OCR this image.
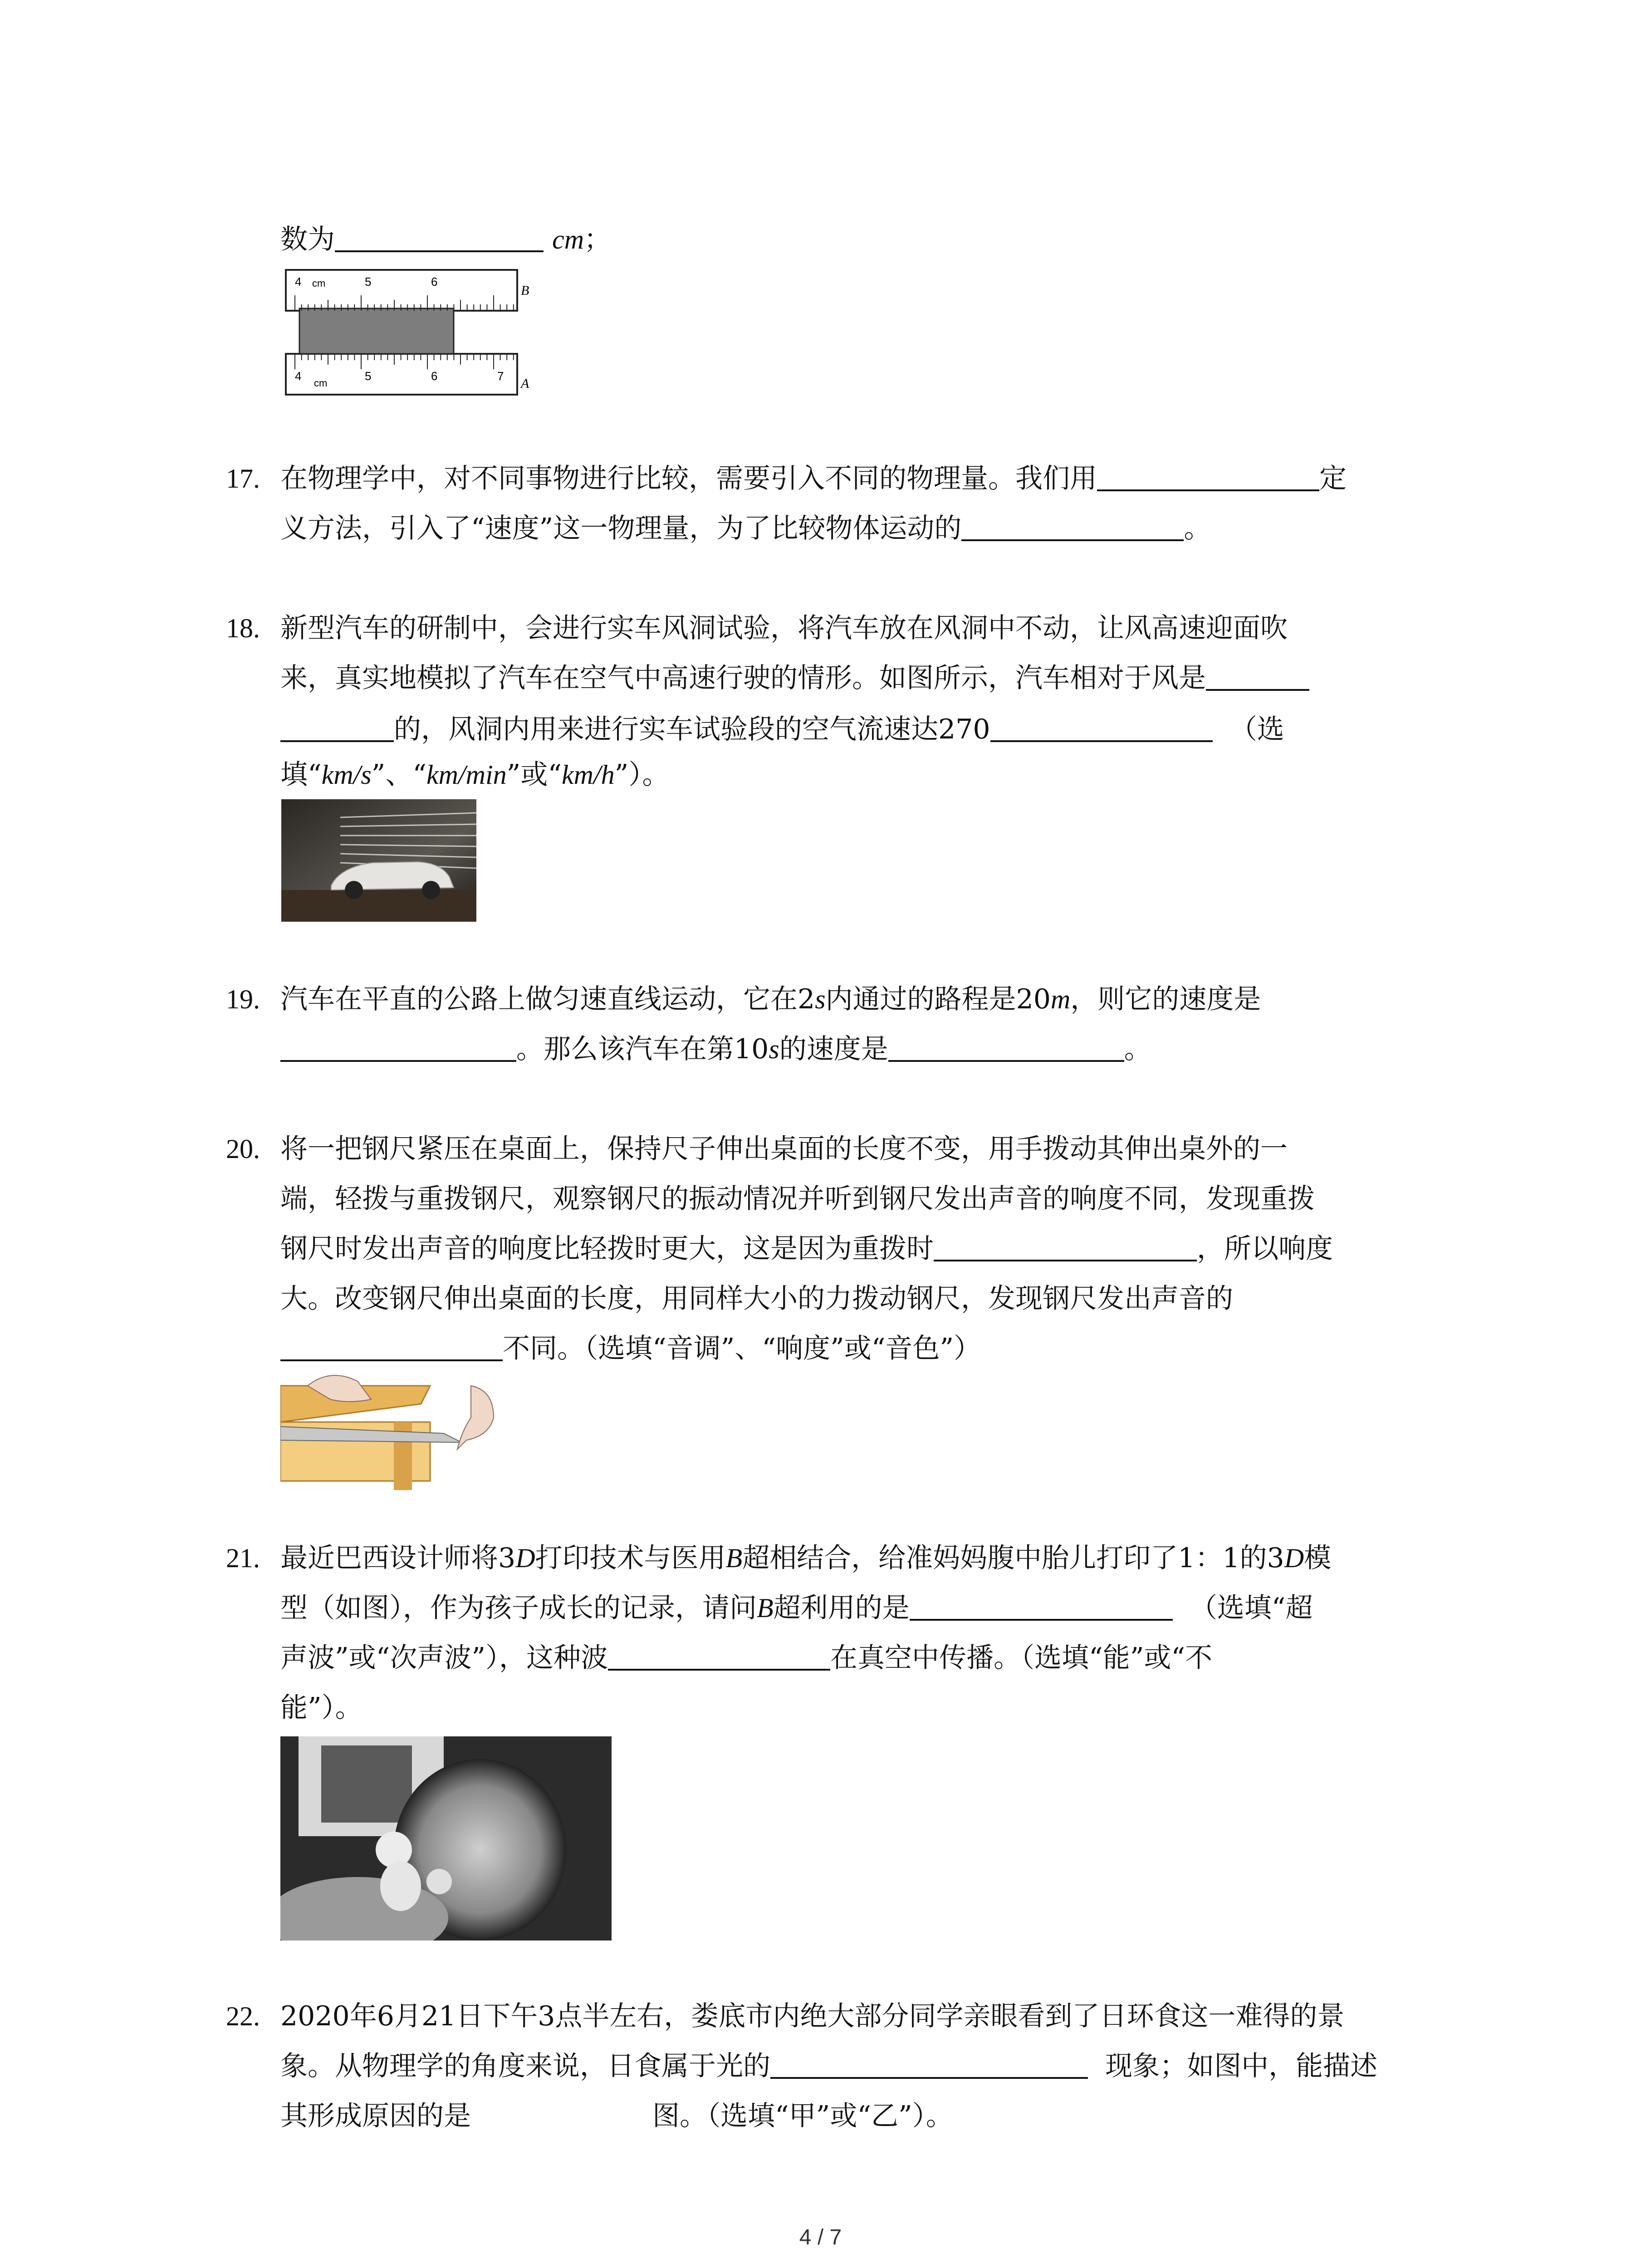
数为	cm；
4 cm	5	6
B
4
cm
5	6	7 A
17. 在物理学中，对不同事物进行比较，需要引入不同的物理量。我们用	定
义方法，引入了“速度”这一物理量，为了比较物体运动的	。
18. 新型汽车的研制中，会进行实车风洞试验，将汽车放在风洞中不动，让风高速迎面吹
来，真实地模拟了汽车在空气中高速行驶的情形。如图所示，汽车相对于风是
的，风洞内用来进行实车试验段的空气流速达270	（选
填“km/s”、“km/min”或“km/h”）。
19. 汽车在平直的公路上做匀速直线运动，它在2s内通过的路程是20m，则它的速度是
。那么该汽车在第10s的速度是	。
20. 将一把钢尺紧压在桌面上，保持尺子伸出桌面的长度不变，用手拨动其伸出桌外的一
端，轻拨与重拨钢尺，观察钢尺的振动情况并听到钢尺发出声音的响度不同，发现重拨
钢尺时发出声音的响度比轻拨时更大，这是因为重拨时	，所以响度
大。改变钢尺伸出桌面的长度，用同样大小的力拨动钢尺，发现钢尺发出声音的
不同。（选填“音调”、“响度”或“音色”）
21. 最近巴西设计师将3D打印技术与医用B超相结合，给准妈妈腹中胎儿打印了1：1的3D模
型（如图），作为孩子成长的记录，请问B超利用的是	（选填“超
声波”或“次声波”），这种波	在真空中传播。（选填“能”或“不
能”）。
22. 2020年6月21日下午3点半左右，娄底市内绝大部分同学亲眼看到了日环食这一难得的景
象。从物理学的角度来说，日食属于光的	现象；如图中，能描述
其形成原因的是	图。（选填“甲”或“乙”）。
4 / 7
